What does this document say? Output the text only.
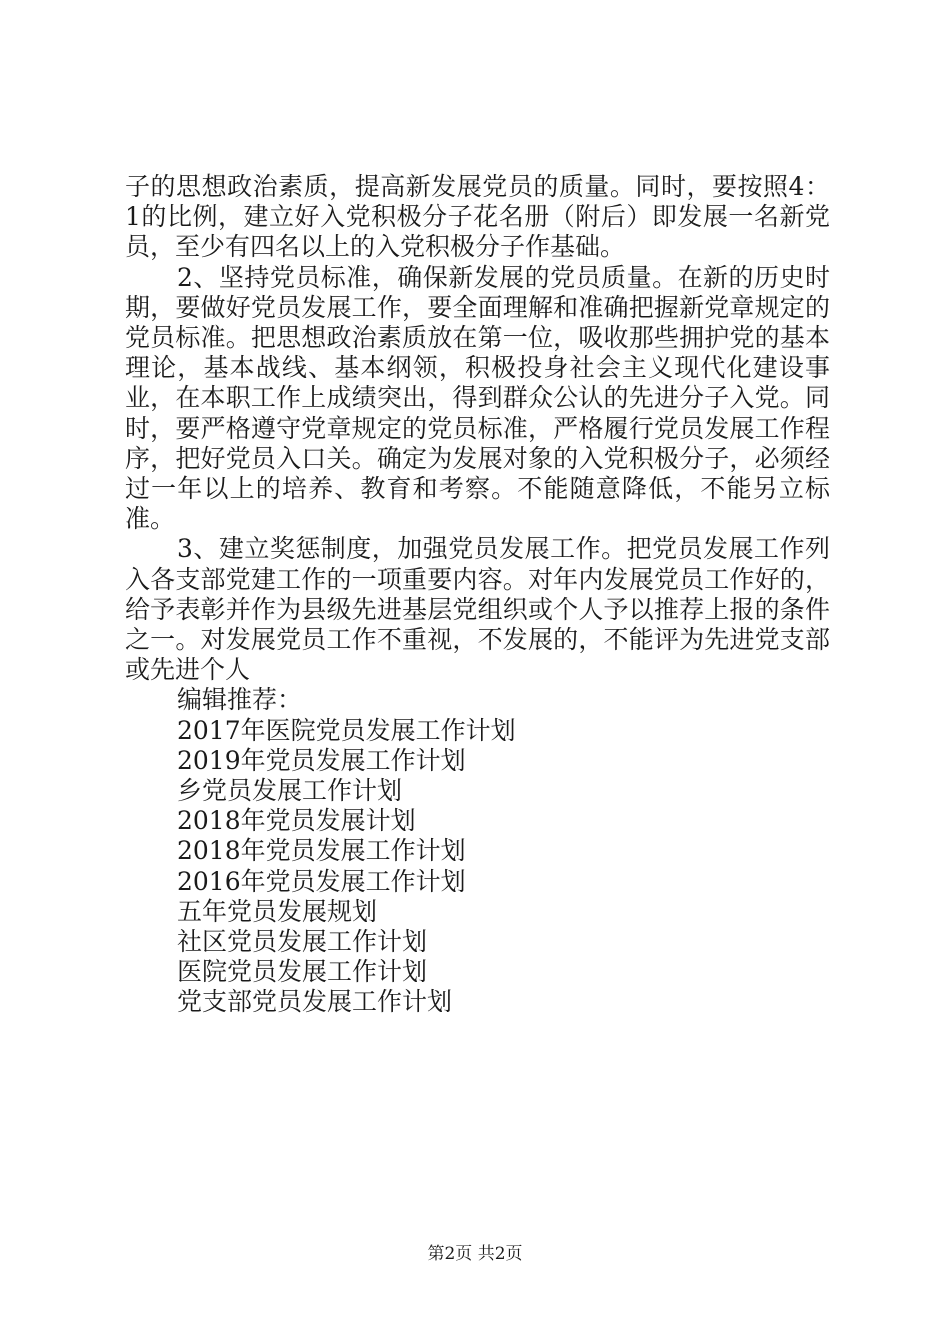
子的思想政治素质，提高新发展党员的质量。同时，要按照4：1的比例，建立好入党积极分子花名册（附后）即发展一名新党员，至少有四名以上的入党积极分子作基础。

2、坚持党员标准，确保新发展的党员质量。在新的历史时期，要做好党员发展工作，要全面理解和准确把握新党章规定的党员标准。把思想政治素质放在第一位，吸收那些拥护党的基本理论，基本战线、基本纲领，积极投身社会主义现代化建设事业，在本职工作上成绩突出，得到群众公认的先进分子入党。同时，要严格遵守党章规定的党员标准，严格履行党员发展工作程序，把好党员入口关。确定为发展对象的入党积极分子，必须经过一年以上的培养、教育和考察。不能随意降低，不能另立标准。

3、建立奖惩制度，加强党员发展工作。把党员发展工作列入各支部党建工作的一项重要内容。对年内发展党员工作好的，给予表彰并作为县级先进基层党组织或个人予以推荐上报的条件之一。对发展党员工作不重视，不发展的，不能评为先进党支部或先进个人

编辑推荐：

2017年医院党员发展工作计划
2019年党员发展工作计划
乡党员发展工作计划
2018年党员发展计划
2018年党员发展工作计划
2016年党员发展工作计划
五年党员发展规划
社区党员发展工作计划
医院党员发展工作计划
党支部党员发展工作计划
第2页 共2页
